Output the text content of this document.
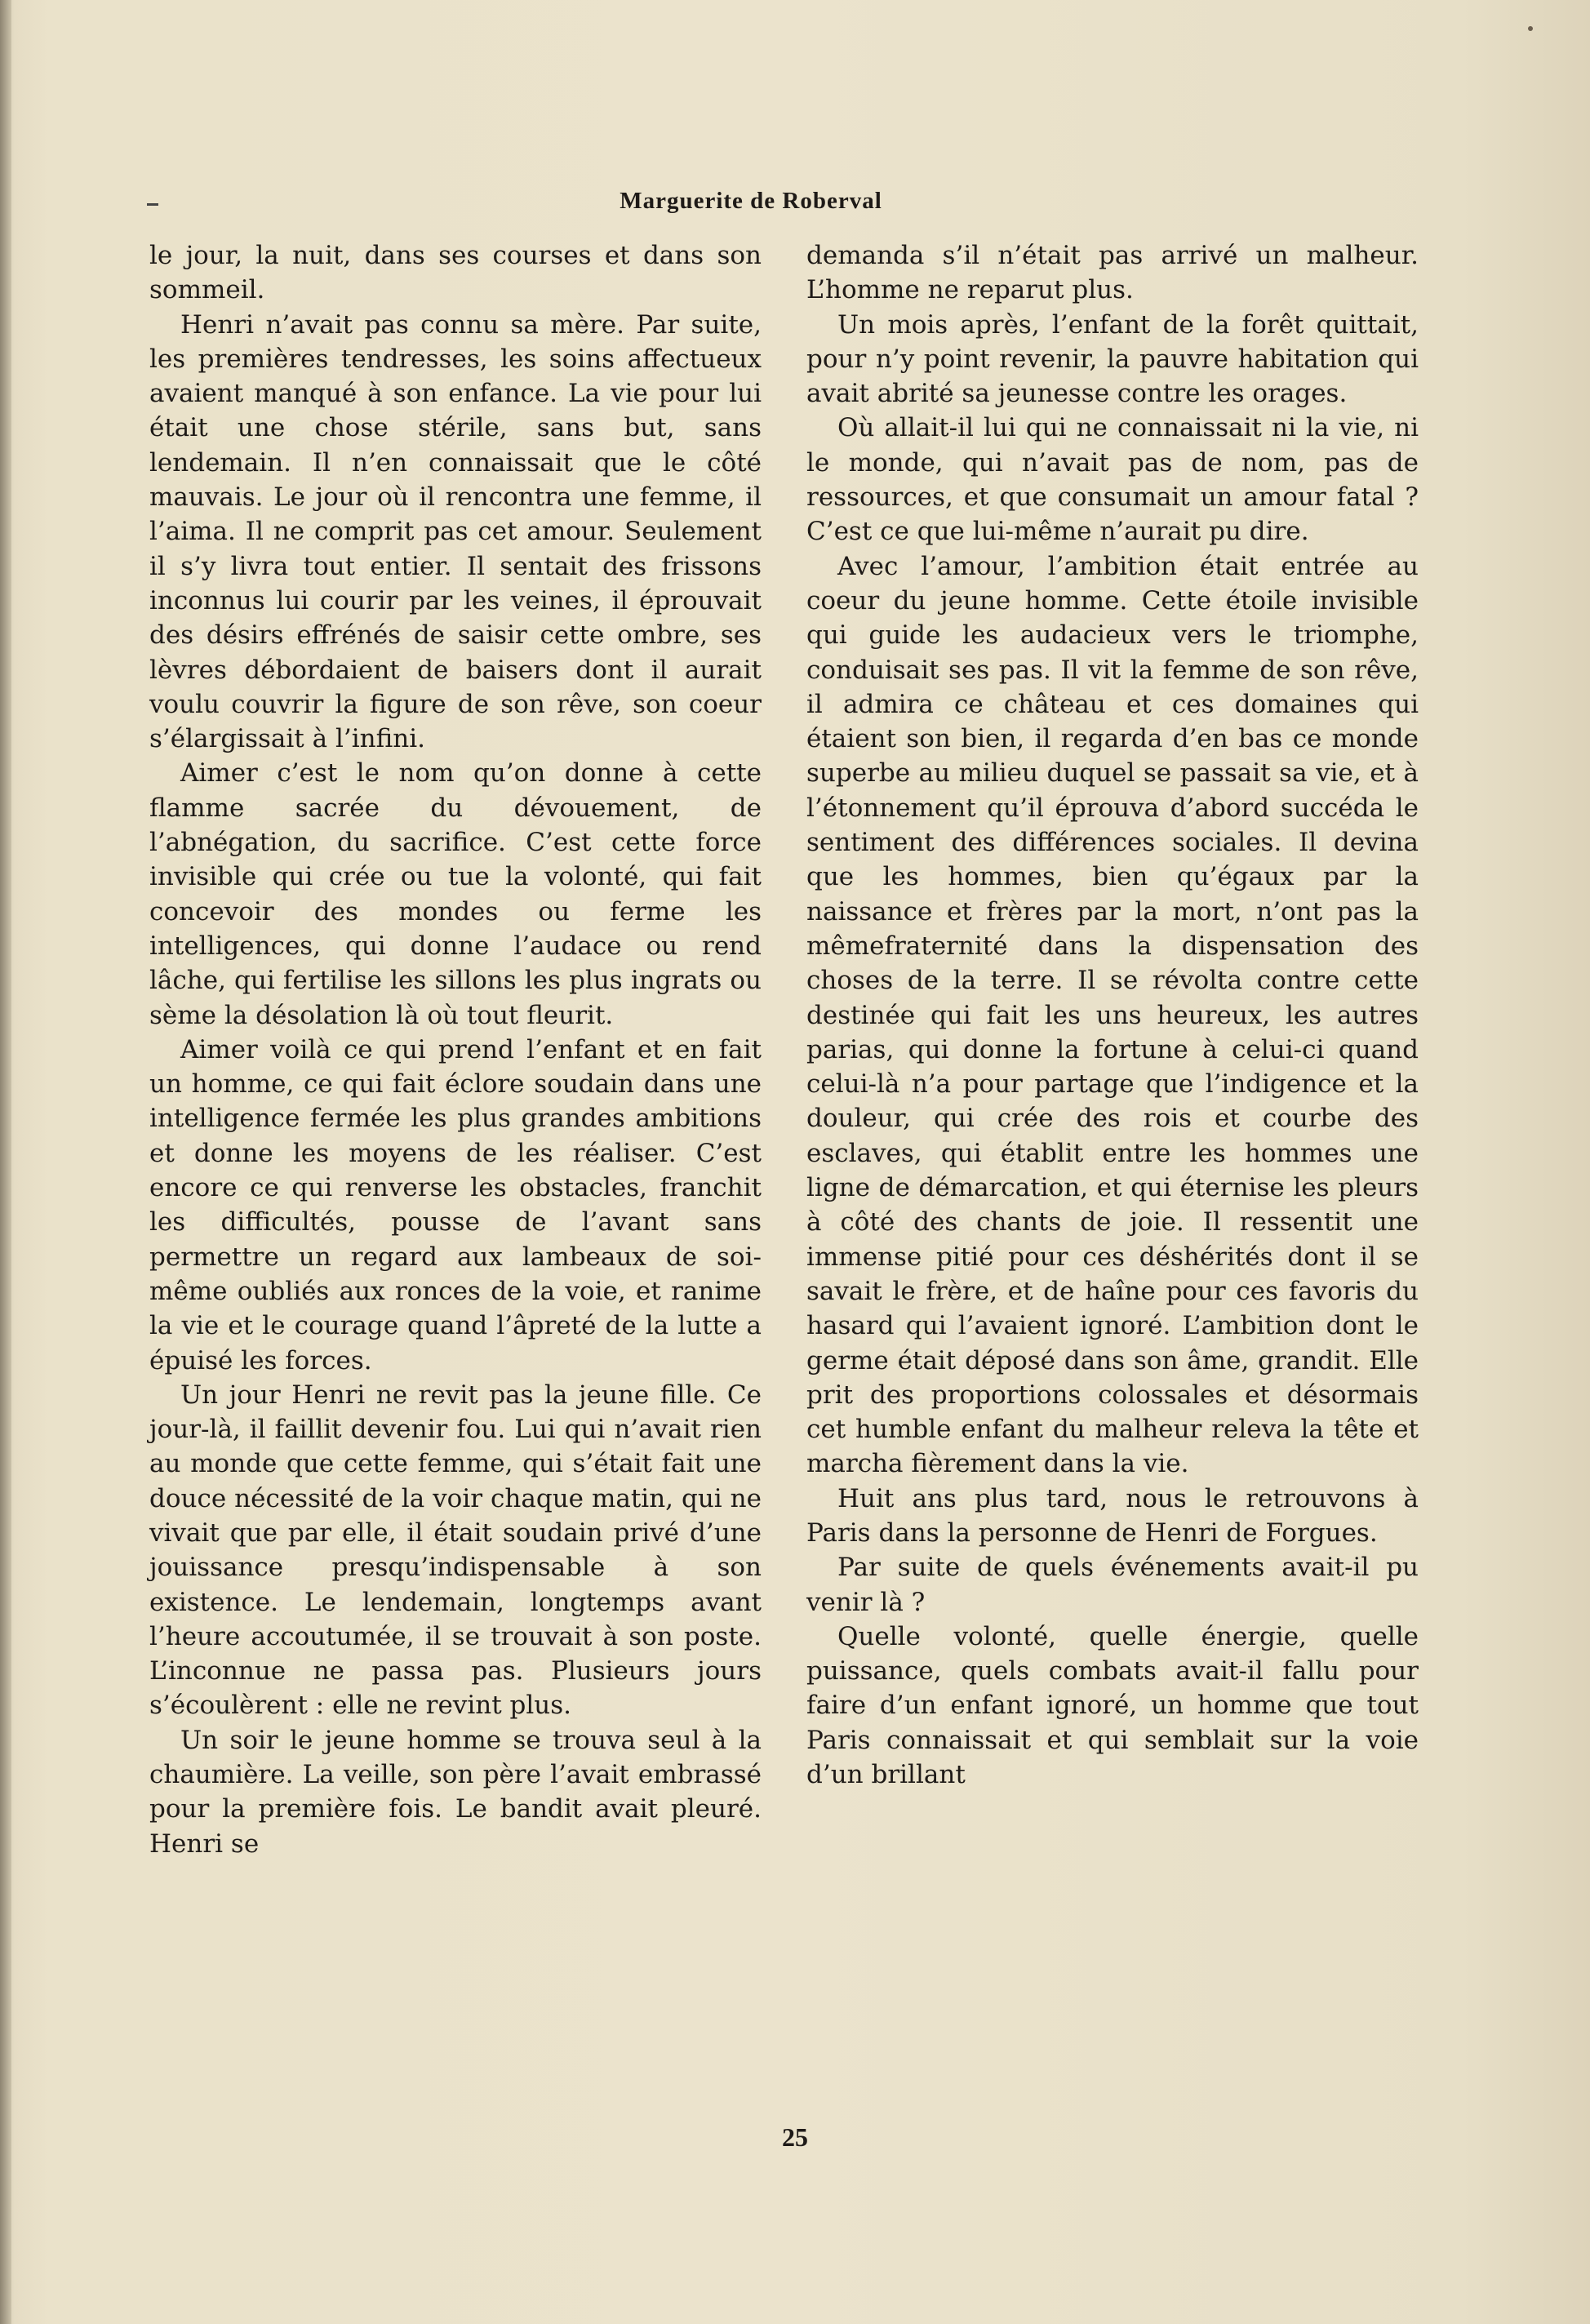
Marguerite de Roberval

le jour, la nuit, dans ses courses et dans son sommeil.

Henri n’avait pas connu sa mère. Par suite, les premières tendresses, les soins affectueux avaient manqué à son enfance. La vie pour lui était une chose stérile, sans but, sans lendemain. Il n’en connaissait que le côté mauvais. Le jour où il rencontra une femme, il l’aima. Il ne comprit pas cet amour. Seulement il s’y livra tout entier. Il sentait des frissons inconnus lui courir par les veines, il éprouvait des désirs effrénés de saisir cette ombre, ses lèvres débordaient de baisers dont il aurait voulu couvrir la figure de son rêve, son coeur s’élargissait à l’infini.

Aimer c’est le nom qu’on donne à cette flamme sacrée du dévouement, de l’abnégation, du sacrifice. C’est cette force invisible qui crée ou tue la volonté, qui fait concevoir des mondes ou ferme les intelligences, qui donne l’audace ou rend lâche, qui fertilise les sillons les plus ingrats ou sème la désolation là où tout fleurit.

Aimer voilà ce qui prend l’enfant et en fait un homme, ce qui fait éclore soudain dans une intelligence fermée les plus grandes ambitions et donne les moyens de les réaliser. C’est encore ce qui renverse les obstacles, franchit les difficultés, pousse de l’avant sans permettre un regard aux lambeaux de soi-même oubliés aux ronces de la voie, et ranime la vie et le courage quand l’âpreté de la lutte a épuisé les forces.

Un jour Henri ne revit pas la jeune fille. Ce jour-là, il faillit devenir fou. Lui qui n’avait rien au monde que cette femme, qui s’était fait une douce nécessité de la voir chaque matin, qui ne vivait que par elle, il était soudain privé d’une jouissance presqu’indispensable à son existence. Le lendemain, longtemps avant l’heure accoutumée, il se trouvait à son poste. L’inconnue ne passa pas. Plusieurs jours s’écoulèrent : elle ne revint plus.

Un soir le jeune homme se trouva seul à la chaumière. La veille, son père l’avait embrassé pour la première fois. Le bandit avait pleuré. Henri se

demanda s’il n’était pas arrivé un malheur. L’homme ne reparut plus.

Un mois après, l’enfant de la forêt quittait, pour n’y point revenir, la pauvre habitation qui avait abrité sa jeunesse contre les orages.

Où allait-il lui qui ne connaissait ni la vie, ni le monde, qui n’avait pas de nom, pas de ressources, et que consumait un amour fatal ? C’est ce que lui-même n’aurait pu dire.

Avec l’amour, l’ambition était entrée au coeur du jeune homme. Cette étoile invisible qui guide les audacieux vers le triomphe, conduisait ses pas. Il vit la femme de son rêve, il admira ce château et ces domaines qui étaient son bien, il regarda d’en bas ce monde superbe au milieu duquel se passait sa vie, et à l’étonnement qu’il éprouva d’abord succéda le sentiment des différences sociales. Il devina que les hommes, bien qu’égaux par la naissance et frères par la mort, n’ont pas la mêmefraternité dans la dispensation des choses de la terre. Il se révolta contre cette destinée qui fait les uns heureux, les autres parias, qui donne la fortune à celui-ci quand celui-là n’a pour partage que l’indigence et la douleur, qui crée des rois et courbe des esclaves, qui établit entre les hommes une ligne de démarcation, et qui éternise les pleurs à côté des chants de joie. Il ressentit une immense pitié pour ces déshérités dont il se savait le frère, et de haîne pour ces favoris du hasard qui l’avaient ignoré. L’ambition dont le germe était déposé dans son âme, grandit. Elle prit des proportions colossales et désormais cet humble enfant du malheur releva la tête et marcha fièrement dans la vie.

Huit ans plus tard, nous le retrouvons à Paris dans la personne de Henri de Forgues.

Par suite de quels événements avait-il pu venir là ?

Quelle volonté, quelle énergie, quelle puissance, quels combats avait-il fallu pour faire d’un enfant ignoré, un homme que tout Paris connaissait et qui semblait sur la voie d’un brillant

25
